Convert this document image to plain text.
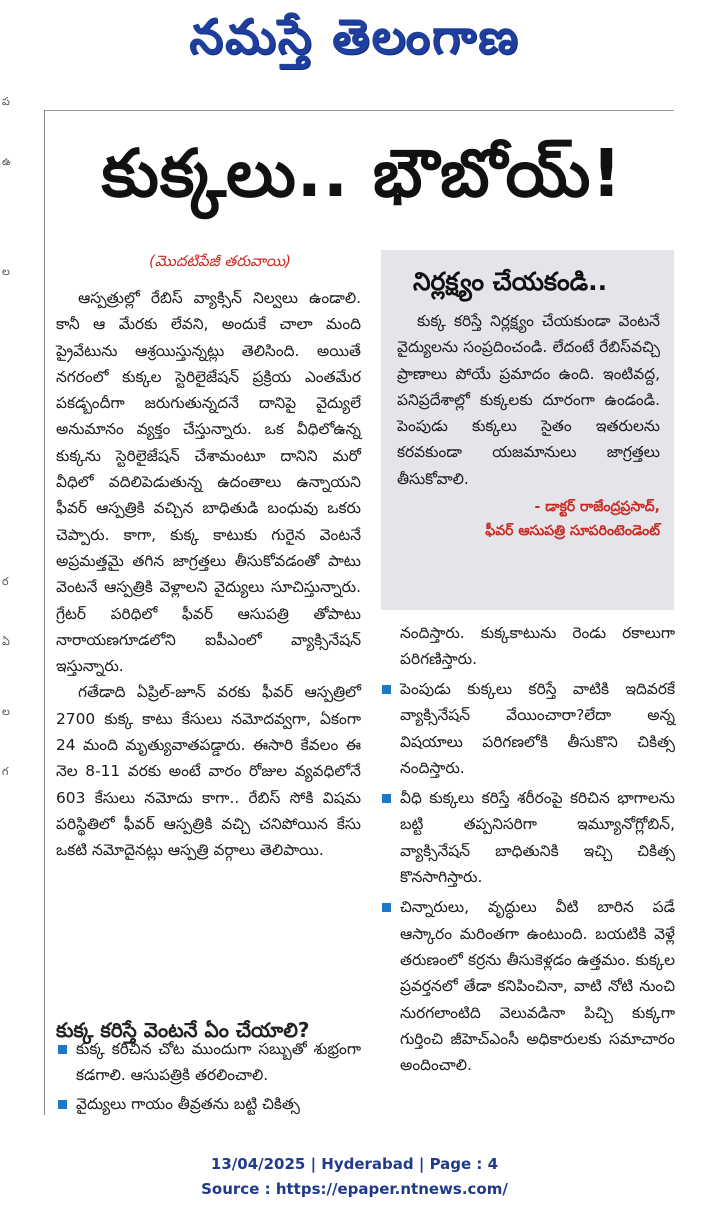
నమస్తే తెలంగాణ
ప
ఉ
ల
ర
ఏ
ల
గ
కుక్కలు.. భౌబోయ్!
(మొదటిపేజీ తరువాయి)

ఆస్పత్రుల్లో రేబిస్ వ్యాక్సిన్ నిల్వలు ఉండాలి. కానీ ఆ మేరకు లేవని, అందుకే చాలా మంది ప్రైవేటును ఆశ్రయిస్తున్నట్లు తెలిసింది. అయితే నగరంలో కుక్కల స్టెరిలైజేషన్ ప్రక్రియ ఎంతమేర పకడ్బందీగా జరుగుతున్నదనే దానిపై వైద్యులే అనుమానం వ్యక్తం చేస్తున్నారు. ఒక వీధిలోఉన్న కుక్కను స్టెరిలైజేషన్ చేశామంటూ దానిని మరో వీధిలో వదిలిపెడుతున్న ఉదంతాలు ఉన్నాయని ఫీవర్ ఆస్పత్రికి వచ్చిన బాధితుడి బంధువు ఒకరు చెప్పారు. కాగా, కుక్క కాటుకు గురైన వెంటనే అప్రమత్తమై తగిన జాగ్రత్తలు తీసుకోవడంతో పాటు వెంటనే ఆస్పత్రికి వెళ్లాలని వైద్యులు సూచిస్తున్నారు. గ్రేటర్ పరిధిలో ఫీవర్ ఆసుపత్రి తోపాటు నారాయణగూడలోని ఐపీఎంలో వ్యాక్సినేషన్ ఇస్తున్నారు.

గతేడాది ఏప్రిల్-జూన్ వరకు ఫీవర్ ఆస్పత్రిలో 2700 కుక్క కాటు కేసులు నమోదవ్వగా, ఏకంగా 24 మంది మృత్యువాతపడ్డారు. ఈసారి కేవలం ఈ నెల 8-11 వరకు అంటే వారం రోజుల వ్యవధిలోనే 603 కేసులు నమోదు కాగా.. రేబిస్ సోకి విషమ పరిస్థితిలో ఫీవర్ ఆస్పత్రికి వచ్చి చనిపోయిన కేసు ఒకటి నమోదైనట్లు ఆస్పత్రి వర్గాలు తెలిపాయి.

కుక్క కరిస్తే వెంటనే ఏం చేయాలి?
కుక్క కరిచిన చోట ముందుగా సబ్బుతో శుభ్రంగా కడగాలి. ఆసుపత్రికి తరలించాలి.
వైద్యులు గాయం తీవ్రతను బట్టి చికిత్స
నిర్లక్ష్యం చేయకండి..
కుక్క కరిస్తే నిర్లక్ష్యం చేయకుండా వెంటనే వైద్యులను సంప్రదించండి. లేదంటే రేబిస్‌వచ్చి ప్రాణాలు పోయే ప్రమాదం ఉంది. ఇంటివద్ద, పనిప్రదేశాల్లో కుక్కలకు దూరంగా ఉండండి. పెంపుడు కుక్కలు సైతం ఇతరులను కరవకుండా యజమానులు జాగ్రత్తలు తీసుకోవాలి.
- డాక్టర్ రాజేంద్రప్రసాద్,
ఫీవర్ ఆసుపత్రి సూపరింటెండెంట్
నందిస్తారు. కుక్కకాటును రెండు రకాలుగా పరిగణిస్తారు.
పెంపుడు కుక్కలు కరిస్తే వాటికి ఇదివరకే వ్యాక్సినేషన్ వేయించారా?లేదా అన్న విషయాలు పరిగణలోకి తీసుకొని చికిత్స నందిస్తారు.
వీధి కుక్కలు కరిస్తే శరీరంపై కరిచిన భాగాలను బట్టి తప్పనిసరిగా ఇమ్యూనోగ్లోబిన్, వ్యాక్సినేషన్ బాధితునికి ఇచ్చి చికిత్స కొనసాగిస్తారు.
చిన్నారులు, వృద్ధులు వీటి బారిన పడే ఆస్కారం మరింతగా ఉంటుంది. బయటికి వెళ్లే తరుణంలో కర్రను తీసుకెళ్లడం ఉత్తమం. కుక్కల ప్రవర్తనలో తేడా కనిపించినా, వాటి నోటి నుంచి నురగలాంటిది వెలువడినా పిచ్చి కుక్కగా గుర్తించి జీహెచ్ఎంసీ అధికారులకు సమాచారం అందించాలి.
13/04/2025 | Hyderabad | Page : 4
Source : https://epaper.ntnews.com/
